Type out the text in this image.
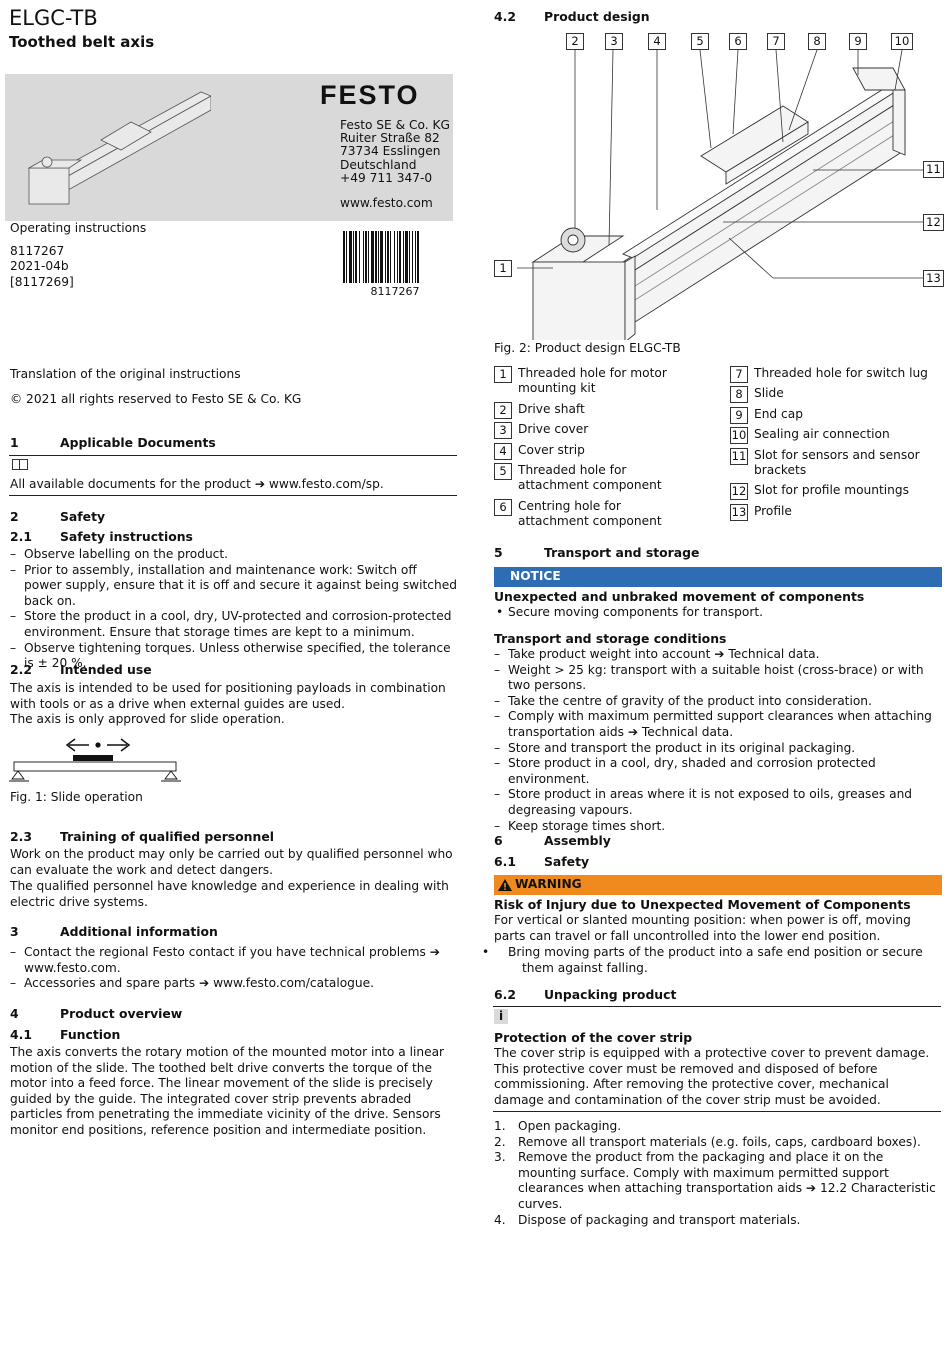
ELGC-TB
Toothed belt axis
FESTO
Festo SE & Co. KG
Ruiter Straße 82
73734 Esslingen
Deutschland
+49 711 347-0
www.festo.com
Operating instructions
8117267
2021-04b
[8117269]
8117267
Translation of the original instructions
© 2021 all rights reserved to Festo SE & Co. KG
1	Applicable Documents
All available documents for the product ➔ www.festo.com/sp.
2	Safety
2.1 Safety instructions
– Observe labelling on the product.
– Prior to assembly, installation and maintenance work: Switch off power supply, ensure that it is off and secure it against being switched back on.
– Store the product in a cool, dry, UV-protected and corrosion-protected environment. Ensure that storage times are kept to a minimum.
– Observe tightening torques. Unless otherwise specified, the tolerance is ± 20 %.
2.2 Intended use
The axis is intended to be used for positioning payloads in combination with tools or as a drive when external guides are used.
The axis is only approved for slide operation.
Fig. 1: Slide operation
2.3 Training of qualified personnel
Work on the product may only be carried out by qualified personnel who can evaluate the work and detect dangers.
The qualified personnel have knowledge and experience in dealing with electric drive systems.
3	Additional information
– Contact the regional Festo contact if you have technical problems ➔ www.festo.com.
– Accessories and spare parts ➔ www.festo.com/catalogue.
4	Product overview
4.1 Function
The axis converts the rotary motion of the mounted motor into a linear motion of the slide. The toothed belt drive converts the torque of the motor into a feed force. The linear movement of the slide is precisely guided by the guide. The integrated cover strip prevents abraded particles from penetrating the immediate vicinity of the drive. Sensors monitor end positions, reference position and intermediate position.
4.2 Product design
2	3	4	5	6	7	8	9	10
1
11
12
13
Fig. 2: Product design ELGC-TB
1 Threaded hole for motor mounting kit
2 Drive shaft
3 Drive cover
4 Cover strip
5 Threaded hole for attachment component
6 Centring hole for attachment component
7 Threaded hole for switch lug
8 Slide
9 End cap
10 Sealing air connection
11 Slot for sensors and sensor brackets
12 Slot for profile mountings
13 Profile
5	Transport and storage
NOTICE
Unexpected and unbraked movement of components
• Secure moving components for transport.
Transport and storage conditions
– Take product weight into account ➔ Technical data.
– Weight > 25 kg: transport with a suitable hoist (cross-brace) or with two persons.
– Take the centre of gravity of the product into consideration.
– Comply with maximum permitted support clearances when attaching transportation aids ➔ Technical data.
– Store and transport the product in its original packaging.
– Store product in a cool, dry, shaded and corrosion protected environment.
– Store product in areas where it is not exposed to oils, greases and degreasing vapours.
– Keep storage times short.
6	Assembly
6.1 Safety
WARNING
Risk of Injury due to Unexpected Movement of Components
For vertical or slanted mounting position: when power is off, moving parts can travel or fall uncontrolled into the lower end position.
• Bring moving parts of the product into a safe end position or secure them against falling.
6.2 Unpacking product
i
Protection of the cover strip
The cover strip is equipped with a protective cover to prevent damage. This protective cover must be removed and disposed of before commissioning. After removing the protective cover, mechanical damage and contamination of the cover strip must be avoided.
1. Open packaging.
2. Remove all transport materials (e.g. foils, caps, cardboard boxes).
3. Remove the product from the packaging and place it on the mounting surface. Comply with maximum permitted support clearances when attaching transportation aids ➔ 12.2 Characteristic curves.
4. Dispose of packaging and transport materials.
